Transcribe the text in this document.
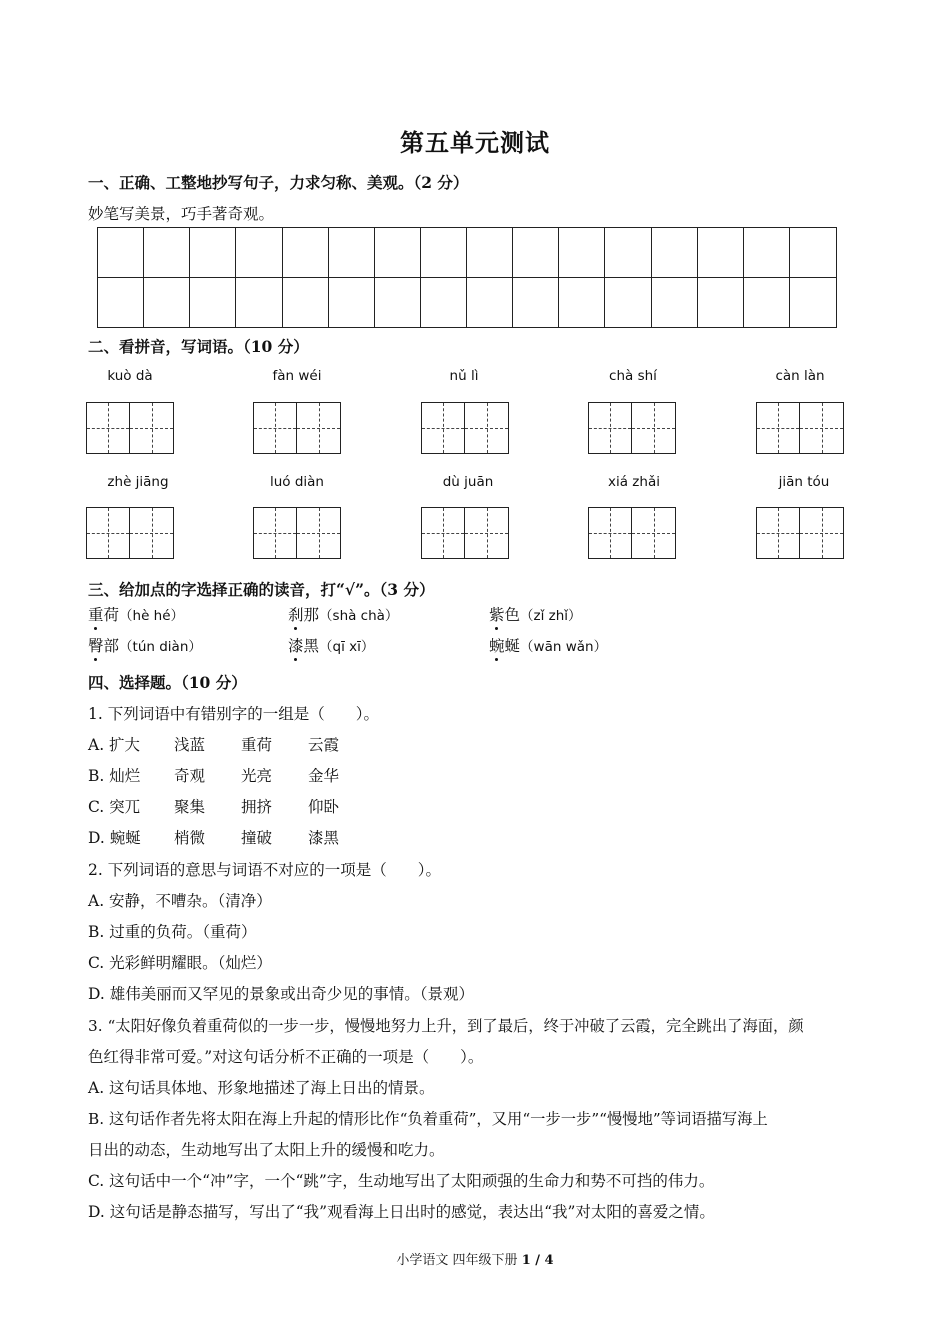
第五单元测试
一、正确、工整地抄写句子，力求匀称、美观。（2 分）
妙笔写美景，巧手著奇观。
二、看拼音，写词语。（10 分）
kuò dà	fàn wéi	nǔ lì	chà shí	càn làn
zhè jiāng	luó diàn	dù juān	xiá zhǎi	jiān tóu
三、给加点的字选择正确的读音，打“√”。（3 分）
重荷（hè hé）	刹那（shà chà）	紫色（zǐ zhǐ）
臀部（tún diàn）	漆黑（qī xī）	蜿蜒（wān wǎn）
四、选择题。（10 分）
1. 下列词语中有错别字的一组是（　　）。
A. 扩大 浅蓝 重荷 云霞
B. 灿烂 奇观 光亮 金华
C. 突兀 聚集 拥挤 仰卧
D. 蜿蜒 梢微 撞破 漆黑
2. 下列词语的意思与词语不对应的一项是（　　）。
A. 安静，不嘈杂。（清净）
B. 过重的负荷。（重荷）
C. 光彩鲜明耀眼。（灿烂）
D. 雄伟美丽而又罕见的景象或出奇少见的事情。（景观）
3. “太阳好像负着重荷似的一步一步，慢慢地努力上升，到了最后，终于冲破了云霞，完全跳出了海面，颜
色红得非常可爱。”对这句话分析不正确的一项是（　　）。
A. 这句话具体地、形象地描述了海上日出的情景。
B. 这句话作者先将太阳在海上升起的情形比作“负着重荷”，又用“一步一步”“慢慢地”等词语描写海上
日出的动态，生动地写出了太阳上升的缓慢和吃力。
C. 这句话中一个“冲”字，一个“跳”字，生动地写出了太阳顽强的生命力和势不可挡的伟力。
D. 这句话是静态描写，写出了“我”观看海上日出时的感觉，表达出“我”对太阳的喜爱之情。
小学语文 四年级下册 1 / 4
